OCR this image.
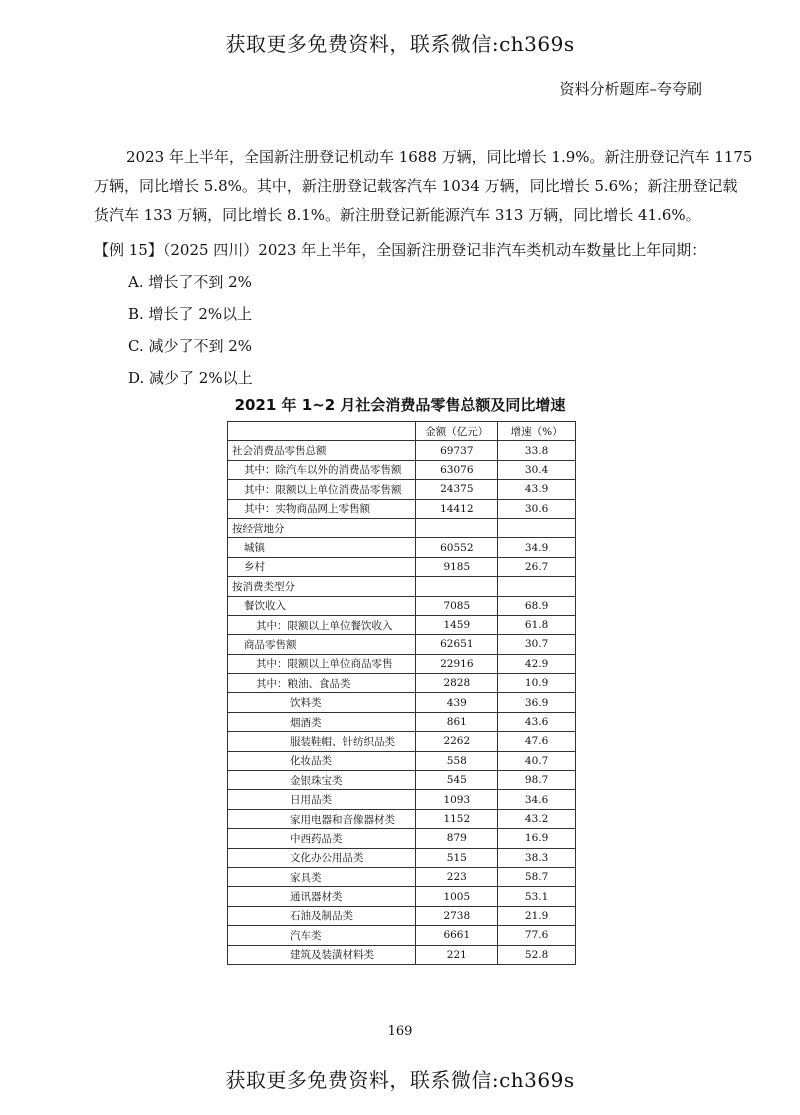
获取更多免费资料，联系微信:ch369s
资料分析题库–夸夸刷
2023 年上半年，全国新注册登记机动车 1688 万辆，同比增长 1.9%。新注册登记汽车 1175
万辆，同比增长 5.8%。其中，新注册登记载客汽车 1034 万辆，同比增长 5.6%；新注册登记载
货汽车 133 万辆，同比增长 8.1%。新注册登记新能源汽车 313 万辆，同比增长 41.6%。
【例 15】（2025 四川）2023 年上半年，全国新注册登记非汽车类机动车数量比上年同期：
A. 增长了不到 2%
B. 增长了 2%以上
C. 减少了不到 2%
D. 减少了 2%以上
2021 年 1~2 月社会消费品零售总额及同比增速
	金额（亿元）	增速（%）
社会消费品零售总额	69737	33.8
其中：除汽车以外的消费品零售额	63076	30.4
其中：限额以上单位消费品零售额	24375	43.9
其中：实物商品网上零售额	14412	30.6
按经营地分		
城镇	60552	34.9
乡村	9185	26.7
按消费类型分		
餐饮收入	7085	68.9
其中：限额以上单位餐饮收入	1459	61.8
商品零售额	62651	30.7
其中：限额以上单位商品零售	22916	42.9
其中：粮油、食品类	2828	10.9
饮料类	439	36.9
烟酒类	861	43.6
服装鞋帽、针纺织品类	2262	47.6
化妆品类	558	40.7
金银珠宝类	545	98.7
日用品类	1093	34.6
家用电器和音像器材类	1152	43.2
中西药品类	879	16.9
文化办公用品类	515	38.3
家具类	223	58.7
通讯器材类	1005	53.1
石油及制品类	2738	21.9
汽车类	6661	77.6
建筑及装潢材料类	221	52.8
169
获取更多免费资料，联系微信:ch369s
